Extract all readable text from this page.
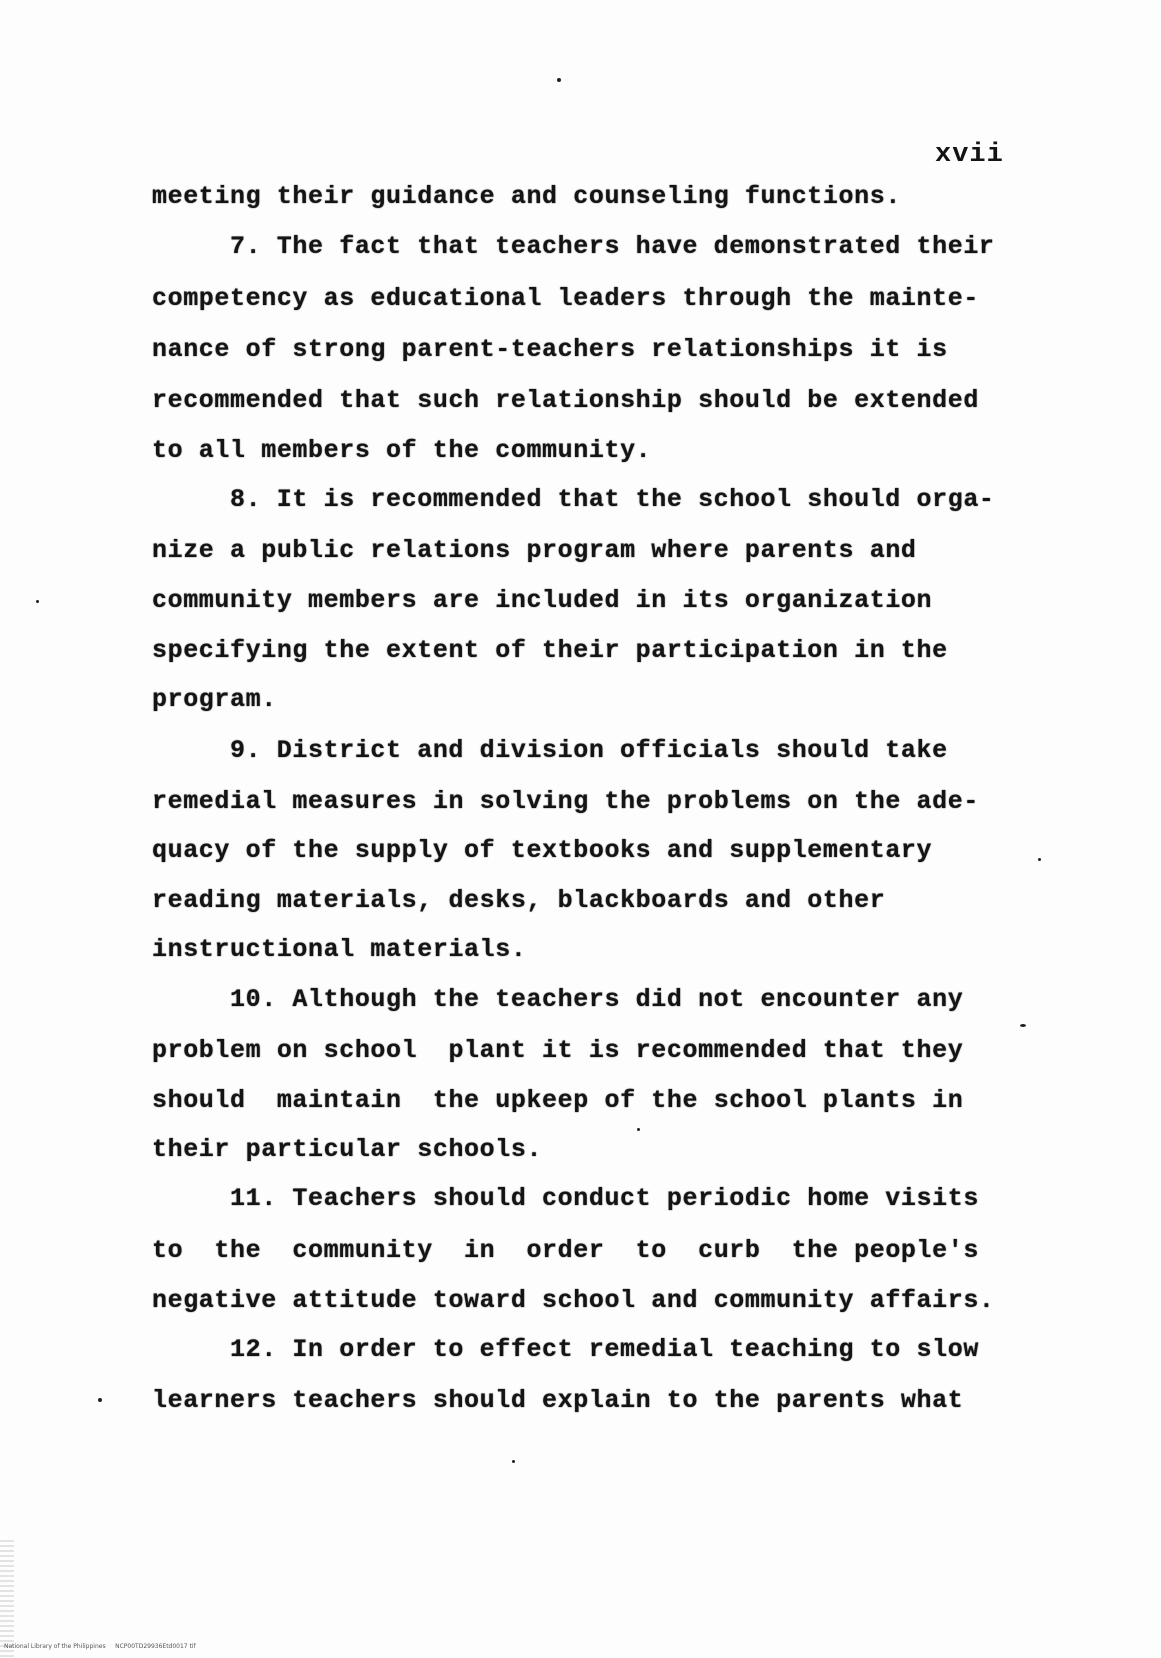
xvii
meeting their guidance and counseling functions.
7. The fact that teachers have demonstrated their
competency as educational leaders through the mainte-
nance of strong parent-teachers relationships it is
recommended that such relationship should be extended
to all members of the community.
8. It is recommended that the school should orga-
nize a public relations program where parents and
community members are included in its organization
specifying the extent of their participation in the
program.
9. District and division officials should take
remedial measures in solving the problems on the ade-
quacy of the supply of textbooks and supplementary
reading materials, desks, blackboards and other
instructional materials.
10. Although the teachers did not encounter any
problem on school  plant it is recommended that they
should  maintain  the upkeep of the school plants in
their particular schools.
11. Teachers should conduct periodic home visits
to  the  community  in  order  to  curb  the people's
negative attitude toward school and community affairs.
12. In order to effect remedial teaching to slow
learners teachers should explain to the parents what
National Library of the Philippines     NCP00TD29936Etd0017 tif
